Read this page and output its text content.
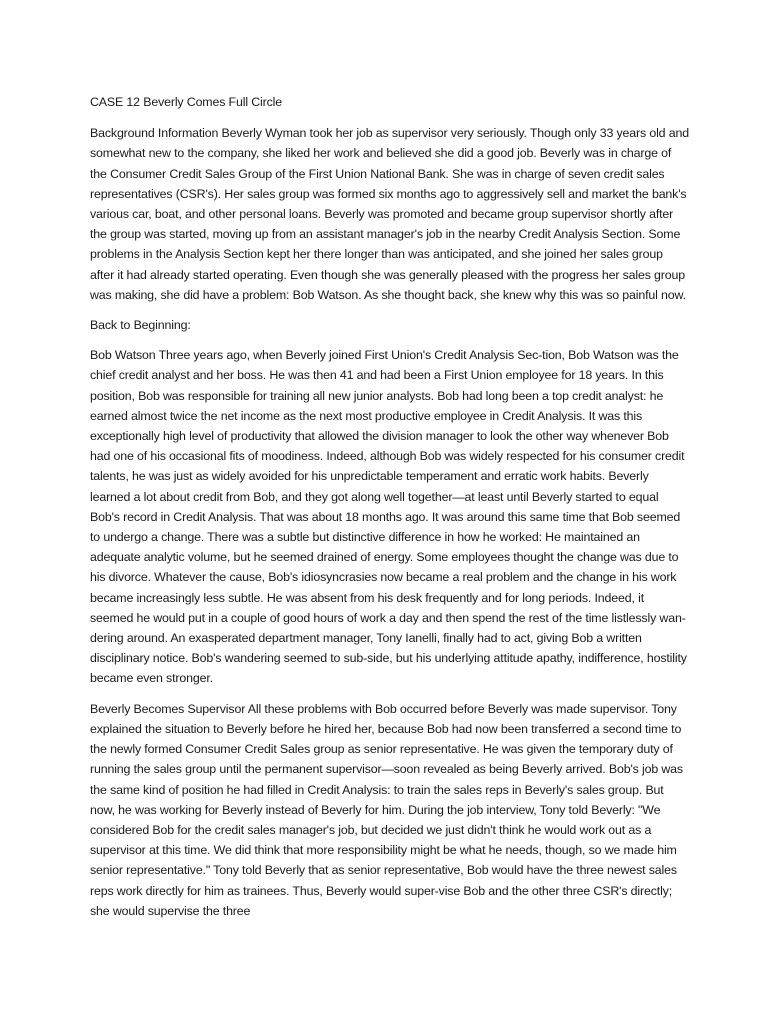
CASE 12 Beverly Comes Full Circle

Background Information Beverly Wyman took her job as supervisor very seriously. Though only 33 years old and somewhat new to the company, she liked her work and believed she did a good job. Beverly was in charge of the Consumer Credit Sales Group of the First Union National Bank. She was in charge of seven credit sales representatives (CSR's). Her sales group was formed six months ago to aggressively sell and market the bank's various car, boat, and other personal loans. Beverly was promoted and became group supervisor shortly after the group was started, moving up from an assistant manager's job in the nearby Credit Analysis Section. Some problems in the Analysis Section kept her there longer than was anticipated, and she joined her sales group after it had already started operating. Even though she was generally pleased with the progress her sales group was making, she did have a problem: Bob Watson. As she thought back, she knew why this was so painful now.

Back to Beginning:

Bob Watson Three years ago, when Beverly joined First Union's Credit Analysis Sec-tion, Bob Watson was the chief credit analyst and her boss. He was then 41 and had been a First Union employee for 18 years. In this position, Bob was responsible for training all new junior analysts. Bob had long been a top credit analyst: he earned almost twice the net income as the next most productive employee in Credit Analysis. It was this exceptionally high level of productivity that allowed the division manager to look the other way whenever Bob had one of his occasional fits of moodiness. Indeed, although Bob was widely respected for his consumer credit talents, he was just as widely avoided for his unpredictable temperament and erratic work habits. Beverly learned a lot about credit from Bob, and they got along well together—at least until Beverly started to equal Bob's record in Credit Analysis. That was about 18 months ago. It was around this same time that Bob seemed to undergo a change. There was a subtle but distinctive difference in how he worked: He maintained an adequate analytic volume, but he seemed drained of energy. Some employees thought the change was due to his divorce. Whatever the cause, Bob's idiosyncrasies now became a real problem and the change in his work became increasingly less subtle. He was absent from his desk frequently and for long periods. Indeed, it seemed he would put in a couple of good hours of work a day and then spend the rest of the time listlessly wan-dering around. An exasperated department manager, Tony Ianelli, finally had to act, giving Bob a written disciplinary notice. Bob's wandering seemed to sub-side, but his underlying attitude apathy, indifference, hostility became even stronger.

Beverly Becomes Supervisor All these problems with Bob occurred before Beverly was made supervisor. Tony explained the situation to Beverly before he hired her, because Bob had now been transferred a second time to the newly formed Consumer Credit Sales group as senior representative. He was given the temporary duty of running the sales group until the permanent supervisor—soon revealed as being Beverly arrived. Bob's job was the same kind of position he had filled in Credit Analysis: to train the sales reps in Beverly's sales group. But now, he was working for Beverly instead of Beverly for him. During the job interview, Tony told Beverly: "We considered Bob for the credit sales manager's job, but decided we just didn't think he would work out as a supervisor at this time. We did think that more responsibility might be what he needs, though, so we made him senior representative." Tony told Beverly that as senior representative, Bob would have the three newest sales reps work directly for him as trainees. Thus, Beverly would super-vise Bob and the other three CSR's directly; she would supervise the three
